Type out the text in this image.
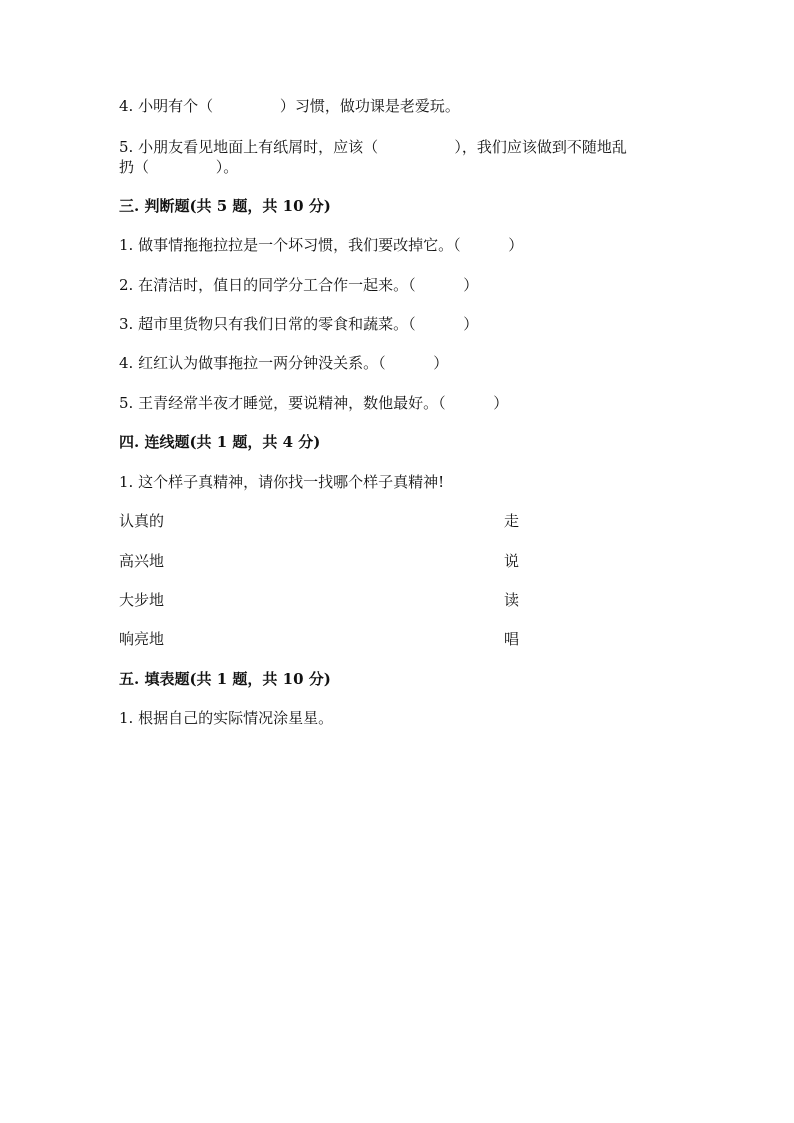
4. 小明有个（              ）习惯，做功课是老爱玩。
5. 小朋友看见地面上有纸屑时，应该（                ），我们应该做到不随地乱
扔（              ）。
三. 判断题(共 5 题，共 10 分)
1. 做事情拖拖拉拉是一个坏习惯，我们要改掉它。（          ）
2. 在清洁时，值日的同学分工合作一起来。（          ）
3. 超市里货物只有我们日常的零食和蔬菜。（          ）
4. 红红认为做事拖拉一两分钟没关系。（          ）
5. 王青经常半夜才睡觉，要说精神，数他最好。（          ）
四. 连线题(共 1 题，共 4 分)
1. 这个样子真精神，请你找一找哪个样子真精神!
认真的	走
高兴地	说
大步地	读
响亮地	唱
五. 填表题(共 1 题，共 10 分)
1. 根据自己的实际情况涂星星。
